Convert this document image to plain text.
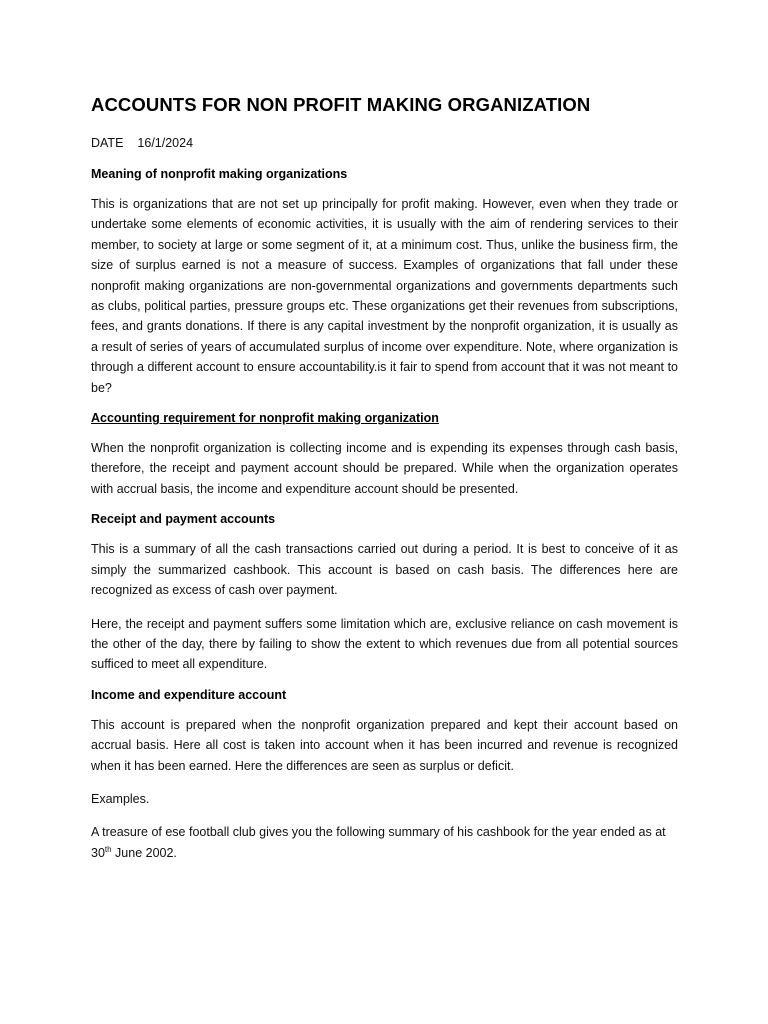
ACCOUNTS FOR NON PROFIT MAKING ORGANIZATION
DATE 16/1/2024
Meaning of nonprofit making organizations

This is organizations that are not set up principally for profit making. However, even when they trade or undertake some elements of economic activities, it is usually with the aim of rendering services to their member, to society at large or some segment of it, at a minimum cost. Thus, unlike the business firm, the size of surplus earned is not a measure of success. Examples of organizations that fall under these nonprofit making organizations are non-governmental organizations and governments departments such as clubs, political parties, pressure groups etc. These organizations get their revenues from subscriptions, fees, and grants donations. If there is any capital investment by the nonprofit organization, it is usually as a result of series of years of accumulated surplus of income over expenditure. Note, where organization is through a different account to ensure accountability.is it fair to spend from account that it was not meant to be?

Accounting requirement for nonprofit making organization

When the nonprofit organization is collecting income and is expending its expenses through cash basis, therefore, the receipt and payment account should be prepared. While when the organization operates with accrual basis, the income and expenditure account should be presented.

Receipt and payment accounts

This is a summary of all the cash transactions carried out during a period. It is best to conceive of it as simply the summarized cashbook. This account is based on cash basis. The differences here are recognized as excess of cash over payment.

Here, the receipt and payment suffers some limitation which are, exclusive reliance on cash movement is the other of the day, there by failing to show the extent to which revenues due from all potential sources sufficed to meet all expenditure.

Income and expenditure account

This account is prepared when the nonprofit organization prepared and kept their account based on accrual basis. Here all cost is taken into account when it has been incurred and revenue is recognized when it has been earned. Here the differences are seen as surplus or deficit.

Examples.

A treasure of ese football club gives you the following summary of his cashbook for the year ended as at 30th June 2002.
